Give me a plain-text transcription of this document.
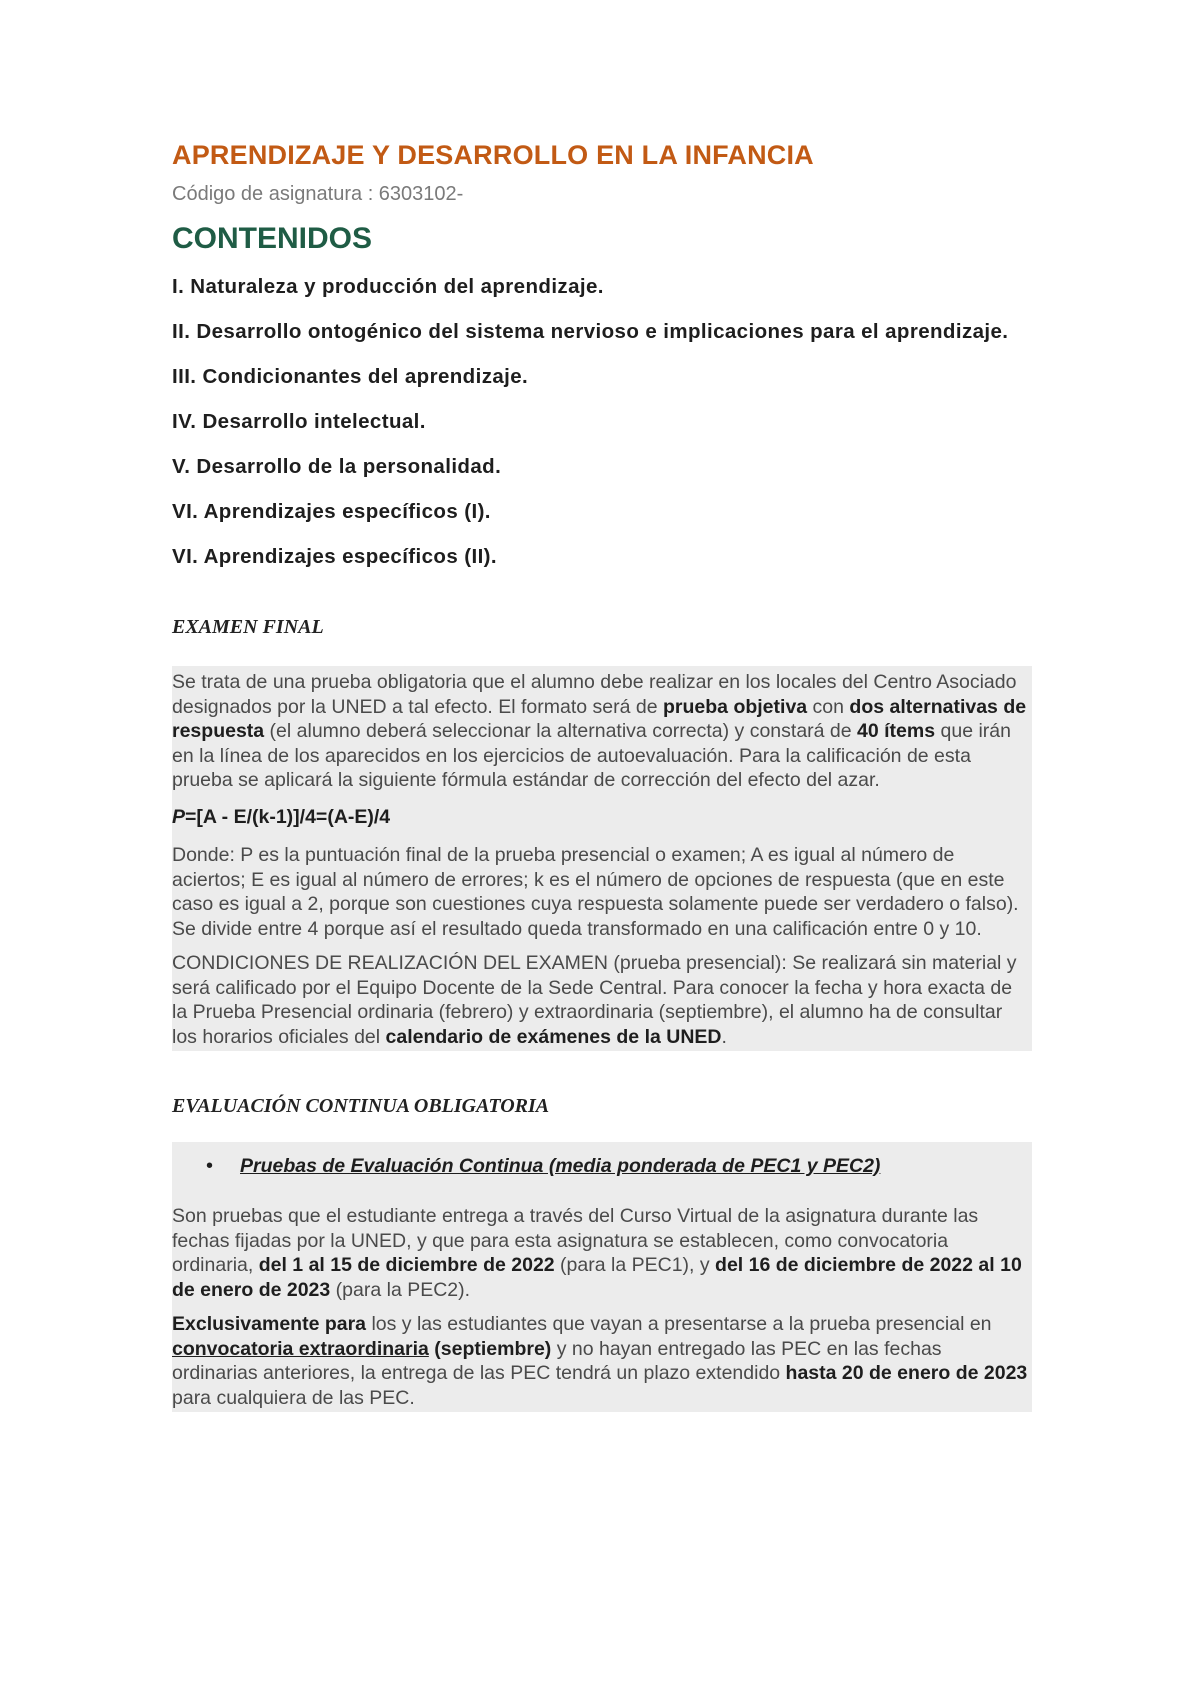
APRENDIZAJE Y DESARROLLO EN LA INFANCIA

Código de asignatura : 6303102-

CONTENIDOS

I. Naturaleza y producción del aprendizaje.

II. Desarrollo ontogénico del sistema nervioso e implicaciones para el aprendizaje.

III. Condicionantes del aprendizaje.

IV. Desarrollo intelectual.

V. Desarrollo de la personalidad.

VI. Aprendizajes específicos (I).

VI. Aprendizajes específicos (II).

EXAMEN FINAL

Se trata de una prueba obligatoria que el alumno debe realizar en los locales del Centro Asociado designados por la UNED a tal efecto. El formato será de prueba objetiva con dos alternativas de respuesta (el alumno deberá seleccionar la alternativa correcta) y constará de 40 ítems que irán en la línea de los aparecidos en los ejercicios de autoevaluación. Para la calificación de esta prueba se aplicará la siguiente fórmula estándar de corrección del efecto del azar.

P=[A - E/(k-1)]/4=(A-E)/4

Donde: P es la puntuación final de la prueba presencial o examen; A es igual al número de aciertos; E es igual al número de errores; k es el número de opciones de respuesta (que en este caso es igual a 2, porque son cuestiones cuya respuesta solamente puede ser verdadero o falso). Se divide entre 4 porque así el resultado queda transformado en una calificación entre 0 y 10.

CONDICIONES DE REALIZACIÓN DEL EXAMEN (prueba presencial): Se realizará sin material y será calificado por el Equipo Docente de la Sede Central. Para conocer la fecha y hora exacta de la Prueba Presencial ordinaria (febrero) y extraordinaria (septiembre), el alumno ha de consultar los horarios oficiales del calendario de exámenes de la UNED.

EVALUACIÓN CONTINUA OBLIGATORIA
•	Pruebas de Evaluación Continua (media ponderada de PEC1 y PEC2)

Son pruebas que el estudiante entrega a través del Curso Virtual de la asignatura durante las fechas fijadas por la UNED, y que para esta asignatura se establecen, como convocatoria ordinaria, del 1 al 15 de diciembre de 2022 (para la PEC1), y del 16 de diciembre de 2022 al 10 de enero de 2023 (para la PEC2).

Exclusivamente para los y las estudiantes que vayan a presentarse a la prueba presencial en convocatoria extraordinaria (septiembre) y no hayan entregado las PEC en las fechas ordinarias anteriores, la entrega de las PEC tendrá un plazo extendido hasta 20 de enero de 2023 para cualquiera de las PEC.
